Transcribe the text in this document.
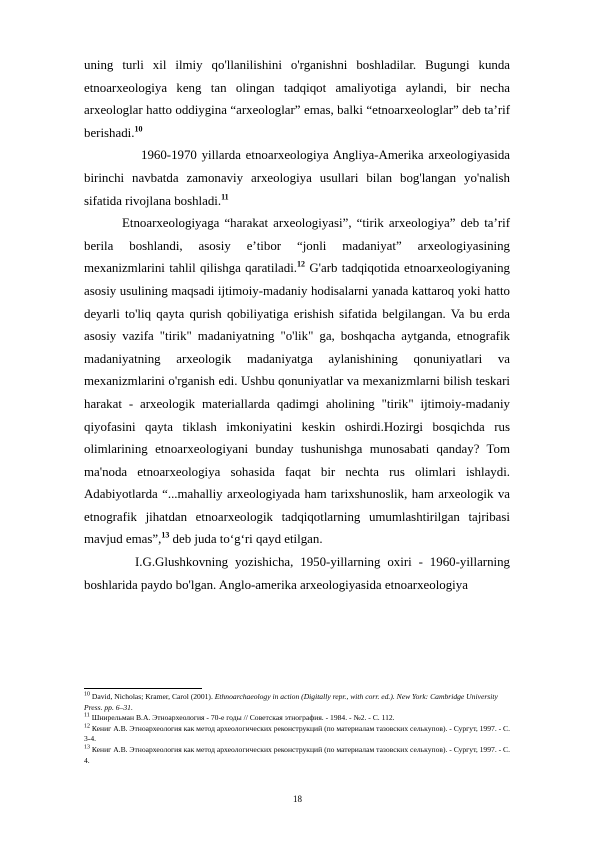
uning turli xil ilmiy qo'llanilishini o'rganishni boshladilar. Bugungi kunda etnoarxeologiya keng tan olingan tadqiqot amaliyotiga aylandi, bir necha arxeologlar hatto oddiygina “arxeologlar” emas, balki “etnoarxeologlar” deb taʼrif berishadi.$^{10}$

1960-1970 yillarda etnoarxeologiya Angliya-Amerika arxeologiyasida birinchi navbatda zamonaviy arxeologiya usullari bilan bog'langan yo'nalish sifatida rivojlana boshladi.$^{11}$

Etnoarxeologiyaga “harakat arxeologiyasi”, “tirik arxeologiya” deb taʼrif berila boshlandi, asosiy eʼtibor “jonli madaniyat” arxeologiyasining mexanizmlarini tahlil qilishga qaratiladi.$^{12}$ G'arb tadqiqotida etnoarxeologiyaning asosiy usulining maqsadi ijtimoiy-madaniy hodisalarni yanada kattaroq yoki hatto deyarli to'liq qayta qurish qobiliyatiga erishish sifatida belgilangan. Va bu erda asosiy vazifa "tirik" madaniyatning "o'lik" ga, boshqacha aytganda, etnografik madaniyatning arxeologik madaniyatga aylanishining qonuniyatlari va mexanizmlarini o'rganish edi. Ushbu qonuniyatlar va mexanizmlarni bilish teskari harakat - arxeologik materiallarda qadimgi aholining "tirik" ijtimoiy-madaniy qiyofasini qayta tiklash imkoniyatini keskin oshirdi.Hozirgi bosqichda rus olimlarining etnoarxeologiyani bunday tushunishga munosabati qanday? Tom ma'noda etnoarxeologiya sohasida faqat bir nechta rus olimlari ishlaydi. Adabiyotlarda “...mahalliy arxeologiyada ham tarixshunoslik, ham arxeologik va etnografik jihatdan etnoarxeologik tadqiqotlarning umumlashtirilgan tajribasi mavjud emas”,$^{13}$ deb juda toʻgʻri qayd etilgan.

I.G.Glushkovning yozishicha, 1950-yillarning oxiri - 1960-yillarning boshlarida paydo bo'lgan. Anglo-amerika arxeologiyasida etnoarxeologiya

$^{10}$ David, Nicholas; Kramer, Carol (2001). Ethnoarchaeology in action (Digitally repr., with corr. ed.). New York: Cambridge University Press. pp. 6–31.

$^{11}$ Шнирельман В.А. Этноархеология - 70-е годы // Советская этнография. - 1984. - №2. - С. 112.

$^{12}$ Кениг А.В. Этноархеология как метод археологических реконструкций (по материалам тазовских селькупов). - Сургут, 1997. - С. 3-4.

$^{13}$ Кениг А.В. Этноархеология как метод археологических реконструкций (по материалам тазовских селькупов). - Сургут, 1997. - С. 4.

18
